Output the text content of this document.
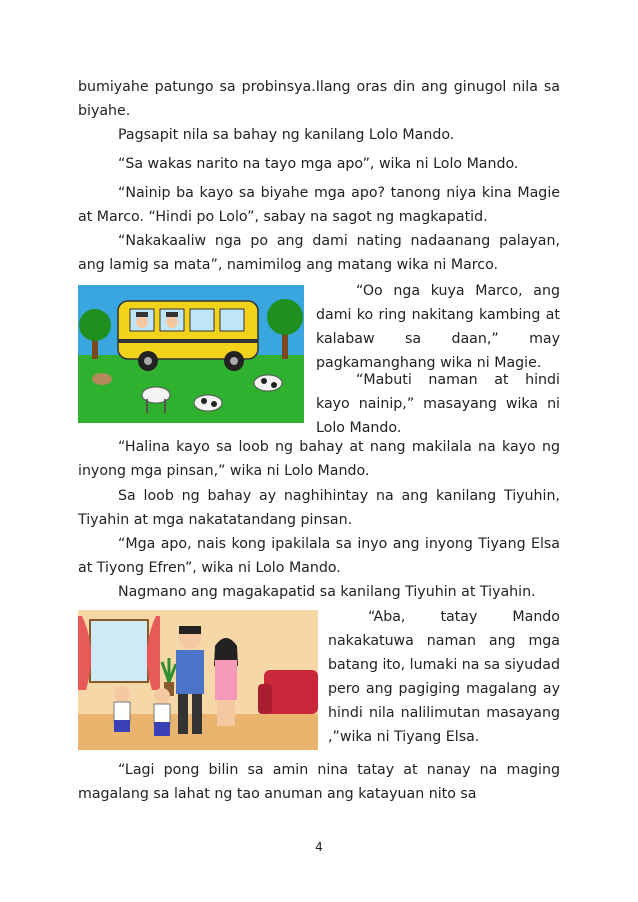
bumiyahe patungo sa probinsya.Ilang oras din ang ginugol nila sa biyahe.

Pagsapit nila sa bahay ng kanilang Lolo Mando.

“Sa wakas narito na tayo mga apo”, wika ni Lolo Mando.

“Nainip ba kayo sa biyahe mga apo? tanong niya kina Magie at Marco. “Hindi po Lolo”, sabay na sagot ng magkapatid.

“Nakakaaliw nga po ang dami nating nadaanang palayan, ang lamig sa mata”, namimilog ang matang wika ni Marco.

“Oo nga kuya Marco, ang dami ko ring nakitang kambing at kalabaw sa daan,” may pagkamanghang wika ni Magie.

“Mabuti naman at hindi kayo nainip,” masayang wika ni Lolo Mando.

“Halina kayo sa loob ng bahay at nang makilala na kayo ng inyong mga pinsan,” wika ni Lolo Mando.

Sa loob ng bahay ay naghihintay na ang kanilang Tiyuhin, Tiyahin at mga nakatatandang pinsan.

“Mga apo, nais kong ipakilala sa inyo ang inyong Tiyang Elsa at Tiyong Efren”, wika ni Lolo Mando.

Nagmano ang magakapatid sa kanilang Tiyuhin at Tiyahin.

“Aba, tatay Mando nakakatuwa naman ang mga batang ito, lumaki na sa siyudad pero ang pagiging magalang ay hindi nila nalilimutan masayang ,”wika ni Tiyang Elsa.

“Lagi pong bilin sa amin nina tatay at nanay na maging magalang sa lahat ng tao anuman ang katayuan nito sa

4
